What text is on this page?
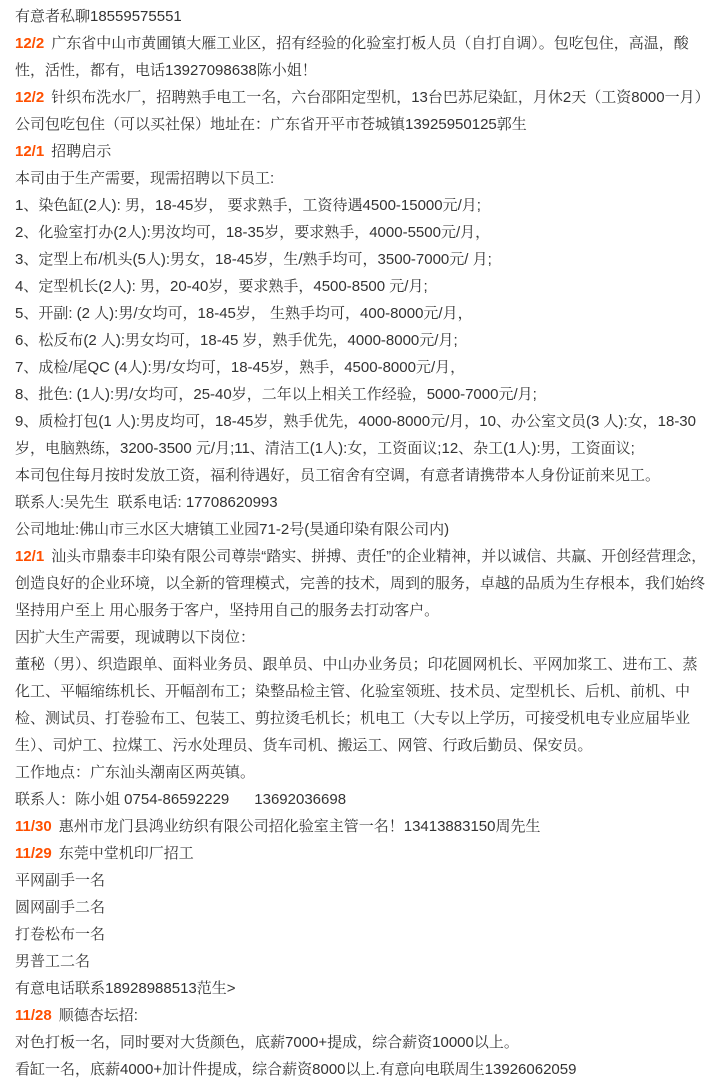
有意者私聊18559575551

12/2 广东省中山市黄圃镇大雁工业区，招有经验的化验室打板人员（自打自调）。包吃包住，高温，酸性，活性，都有，电话13927098638陈小姐！

12/2 针织布洗水厂，招聘熟手电工一名，六台邵阳定型机，13台巴苏尼染缸，月休2天（工资8000一月）公司包吃包住（可以买社保）地址在：广东省开平市苍城镇13925950125郭生

12/1 招聘启示

本司由于生产需要，现需招聘以下员工:

1、染色缸(2人): 男，18-45岁， 要求熟手，工资待遇4500-15000元/月;

2、化验室打办(2人):男汝均可，18-35岁，要求熟手，4000-5500元/月，

3、定型上布/机头(5人):男女，18-45岁，生/熟手均可，3500-7000元/ 月;

4、定型机长(2人): 男，20-40岁，要求熟手，4500-8500 元/月;

5、开副: (2 人):男/女均可，18-45岁， 生熟手均可，400-8000元/月，

6、松反布(2 人):男女均可，18-45 岁，熟手优先，4000-8000元/月;

7、成检/尾QC (4人):男/女均可，18-45岁，熟手，4500-8000元/月，

8、批色: (1人):男/女均可，25-40岁，二年以上相关工作经验，5000-7000元/月;

9、质检打包(1 人):男皮均可，18-45岁，熟手优先，4000-8000元/月，10、办公室文员(3 人):女，18-30岁，电脑熟练，3200-3500 元/月;11、清洁工(1人):女，工资面议;12、杂工(1人):男，工资面议;

本司包住每月按时发放工资，福利待遇好，员工宿舍有空调，有意者请携带本人身份证前来见工。

联系人:吴先生  联系电话: 17708620993

公司地址:佛山市三水区大塘镇工业园71-2号(昊通印染有限公司内)

12/1 汕头市鼎泰丰印染有限公司尊崇“踏实、拼搏、责任”的企业精神，并以诚信、共赢、开创经营理念，创造良好的企业环境，以全新的管理模式，完善的技术，周到的服务，卓越的品质为生存根本，我们始终坚持用户至上 用心服务于客户，坚持用自己的服务去打动客户。

因扩大生产需要，现诚聘以下岗位：

董秘（男）、织造跟单、面料业务员、跟单员、中山办业务员；印花圆网机长、平网加浆工、进布工、蒸化工、平幅缩练机长、开幅剖布工；染整品检主管、化验室领班、技术员、定型机长、后机、前机、中检、测试员、打卷验布工、包装工、剪拉烫毛机长；机电工（大专以上学历，可接受机电专业应届毕业生）、司炉工、拉煤工、污水处理员、货车司机、搬运工、网管、行政后勤员、保安员。

工作地点：广东汕头潮南区两英镇。

联系人：陈小姐 0754-86592229      13692036698

11/30 惠州市龙门县鸿业纺织有限公司招化验室主管一名！13413883150周先生

11/29 东莞中堂机印厂招工

平网副手一名

圆网副手二名

打卷松布一名

男普工二名

有意电话联系18928988513范生>

11/28 顺德杏坛招:

对色打板一名，同时要对大货颜色，底薪7000+提成，综合薪资10000以上。

看缸一名，底薪4000+加计件提成，综合薪资8000以上.有意向电联周生13926062059
